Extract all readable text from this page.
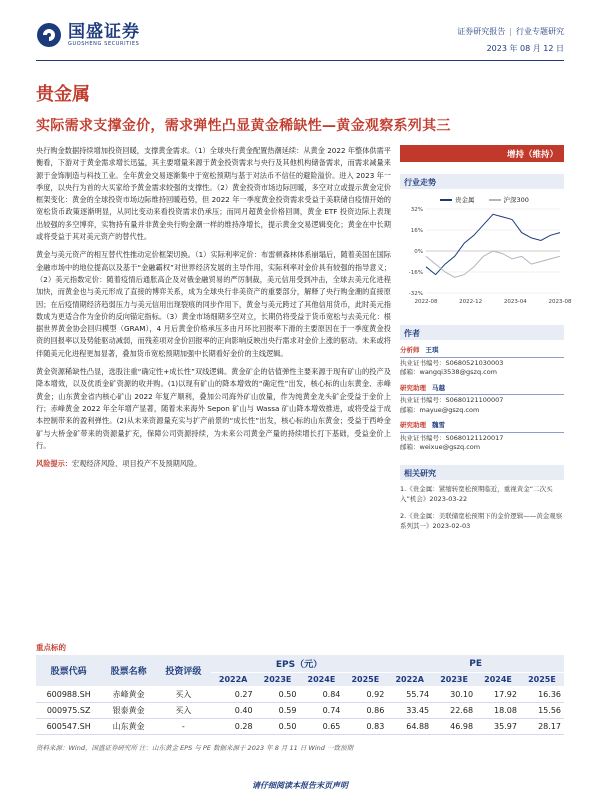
国盛证券
GUOSHENG SECURITIES
证券研究报告 | 行业专题研究
2023 年 08 月 12 日
贵金属
实际需求支撑金价，需求弹性凸显黄金稀缺性—黄金观察系列其三

央行购金数据持续增加投资回暖，支撑黄金需求。（1）全球央行黄金配置热潮延续：从黄金 2022 年整体供需平衡看，下游对于黄金需求增长迅猛，其主要增量来源于黄金投资需求与央行及其他机构储备需求，而需求减量来源于金饰制造与科技工业。全年黄金交易逐渐集中于宽松预期与基于对法币不信任的避险溢价。进入 2023 年一季度，以央行为首的大买家给予黄金需求较强的支撑性。（2）黄金投资市场边际回暖，多空对立或提示黄金定价框架变化：黄金的全球投资市场边际维持回暖趋势，但 2022 年一季度黄金投资需求受益于美联储自疫情开始的宽松货币政策逐渐明显，从同比变动来看投资需求仍承压；而同月超黄金价格回调，黄金 ETF 投资边际上表现出较强的多空博弈，实物持有量并非黄金央行购金潮一样的维持净增长，提示黄金交易逻辑变化；黄金在中长期或将受益于其对美元资产的替代性。

黄金与美元资产的相互替代性推动定价框架切换。（1）实际利率定价：布雷顿森林体系崩塌后，随着美国在国际金融市场中的地位提高以及基于“金融霸权”对世界经济发展的主导作用，实际利率对金价具有较强的指导意义；（2）美元指数定价：随着疫情后通胀高企及对俄金融贸易的严厉制裁，美元信用受到冲击，全球去美元化进程加快，而黄金也与美元形成了直接的博弈关系，成为全球央行非美资产的重要部分，解释了央行购金潮的直接原因；在后疫情期经济趋弱压力与美元信用出现裂痕的同步作用下，黄金与美元跨过了其他信用货币，此时美元指数成为更适合作为金价的反向锚定指标。（3）黄金市场细期多空对立，长期仍将受益于货币宽松与去美元化：根据世界黄金协会回归模型（GRAM），4 月后黄金价格承压多由月环比回报率下滑的主要原因在于一季度黄金投资的回报率以及势能驱动减弱，而残差项对金价回报率的正向影响反映出央行需求对金价上涨的驱动。未来或将伴随美元化进程更加显著，叠加货币宽松预期加强中长期看好金价的主线逻辑。

黄金资源稀缺性凸显，选股注重“确定性+成长性”双线逻辑。黄金矿企的估值弹性主要来源于现有矿山的投产及降本增效，以及优质金矿资源的收并购。(1)以现有矿山的降本增效的“确定性”出发，核心标的山东黄金、赤峰黄金；山东黄金省内核心矿山 2022 年复产顺利，叠加公司海外矿山放量，作为纯黄金龙头矿企受益于金价上行；赤峰黄金 2022 年全年增产显著，随着未来海外 Sepon 矿山与 Wassa 矿山降本增效推进，或将受益于成本控制带来的盈利弹性。(2)从未来资源量充实与扩产前景的“成长性”出发，核心标的山东黄金；受益于西岭金矿与大桥金矿带来的资源量扩充，保障公司资源持续，为未来公司黄金产量的持续增长打下基础，受益金价上行。

风险提示：宏观经济风险、项目投产不及预期风险。

增持（维持）
行业走势
贵金属	沪深300
32%
16%
0%
-16%
-32%
2022-08	2022-12	2023-04	2023-08
作者
分析师 王琪
执业证书编号：S0680521030003
邮箱：wangqi3538@gszq.com
研究助理 马越
执业证书编号：S0680121100007
邮箱：mayue@gszq.com
研究助理 魏雪
执业证书编号：S0680121120017
邮箱：weixue@gszq.com
相关研究
1.《贵金属：紧缩转宽松预期临近，重视黄金“二次买入”机会》2023-03-22
2.《贵金属：美联储宽松预期下的金价逻辑——黄金观察系列其一》2023-02-03
重点标的
股票代码	股票名称	投资评级	EPS（元）				PE			
			2022A	2023E	2024E	2025E	2022A	2023E	2024E	2025E
600988.SH	赤峰黄金	买入	0.27	0.50	0.84	0.92	55.74	30.10	17.92	16.36
000975.SZ	银泰黄金	买入	0.40	0.59	0.74	0.86	33.45	22.68	18.08	15.56
600547.SH	山东黄金	-	0.28	0.50	0.65	0.83	64.88	46.98	35.97	28.17
资料来源：Wind，国盛证券研究所 注：山东黄金 EPS 与 PE 数据来源于 2023 年 8 月 11 日 Wind 一致预期
请仔细阅读本报告末页声明
